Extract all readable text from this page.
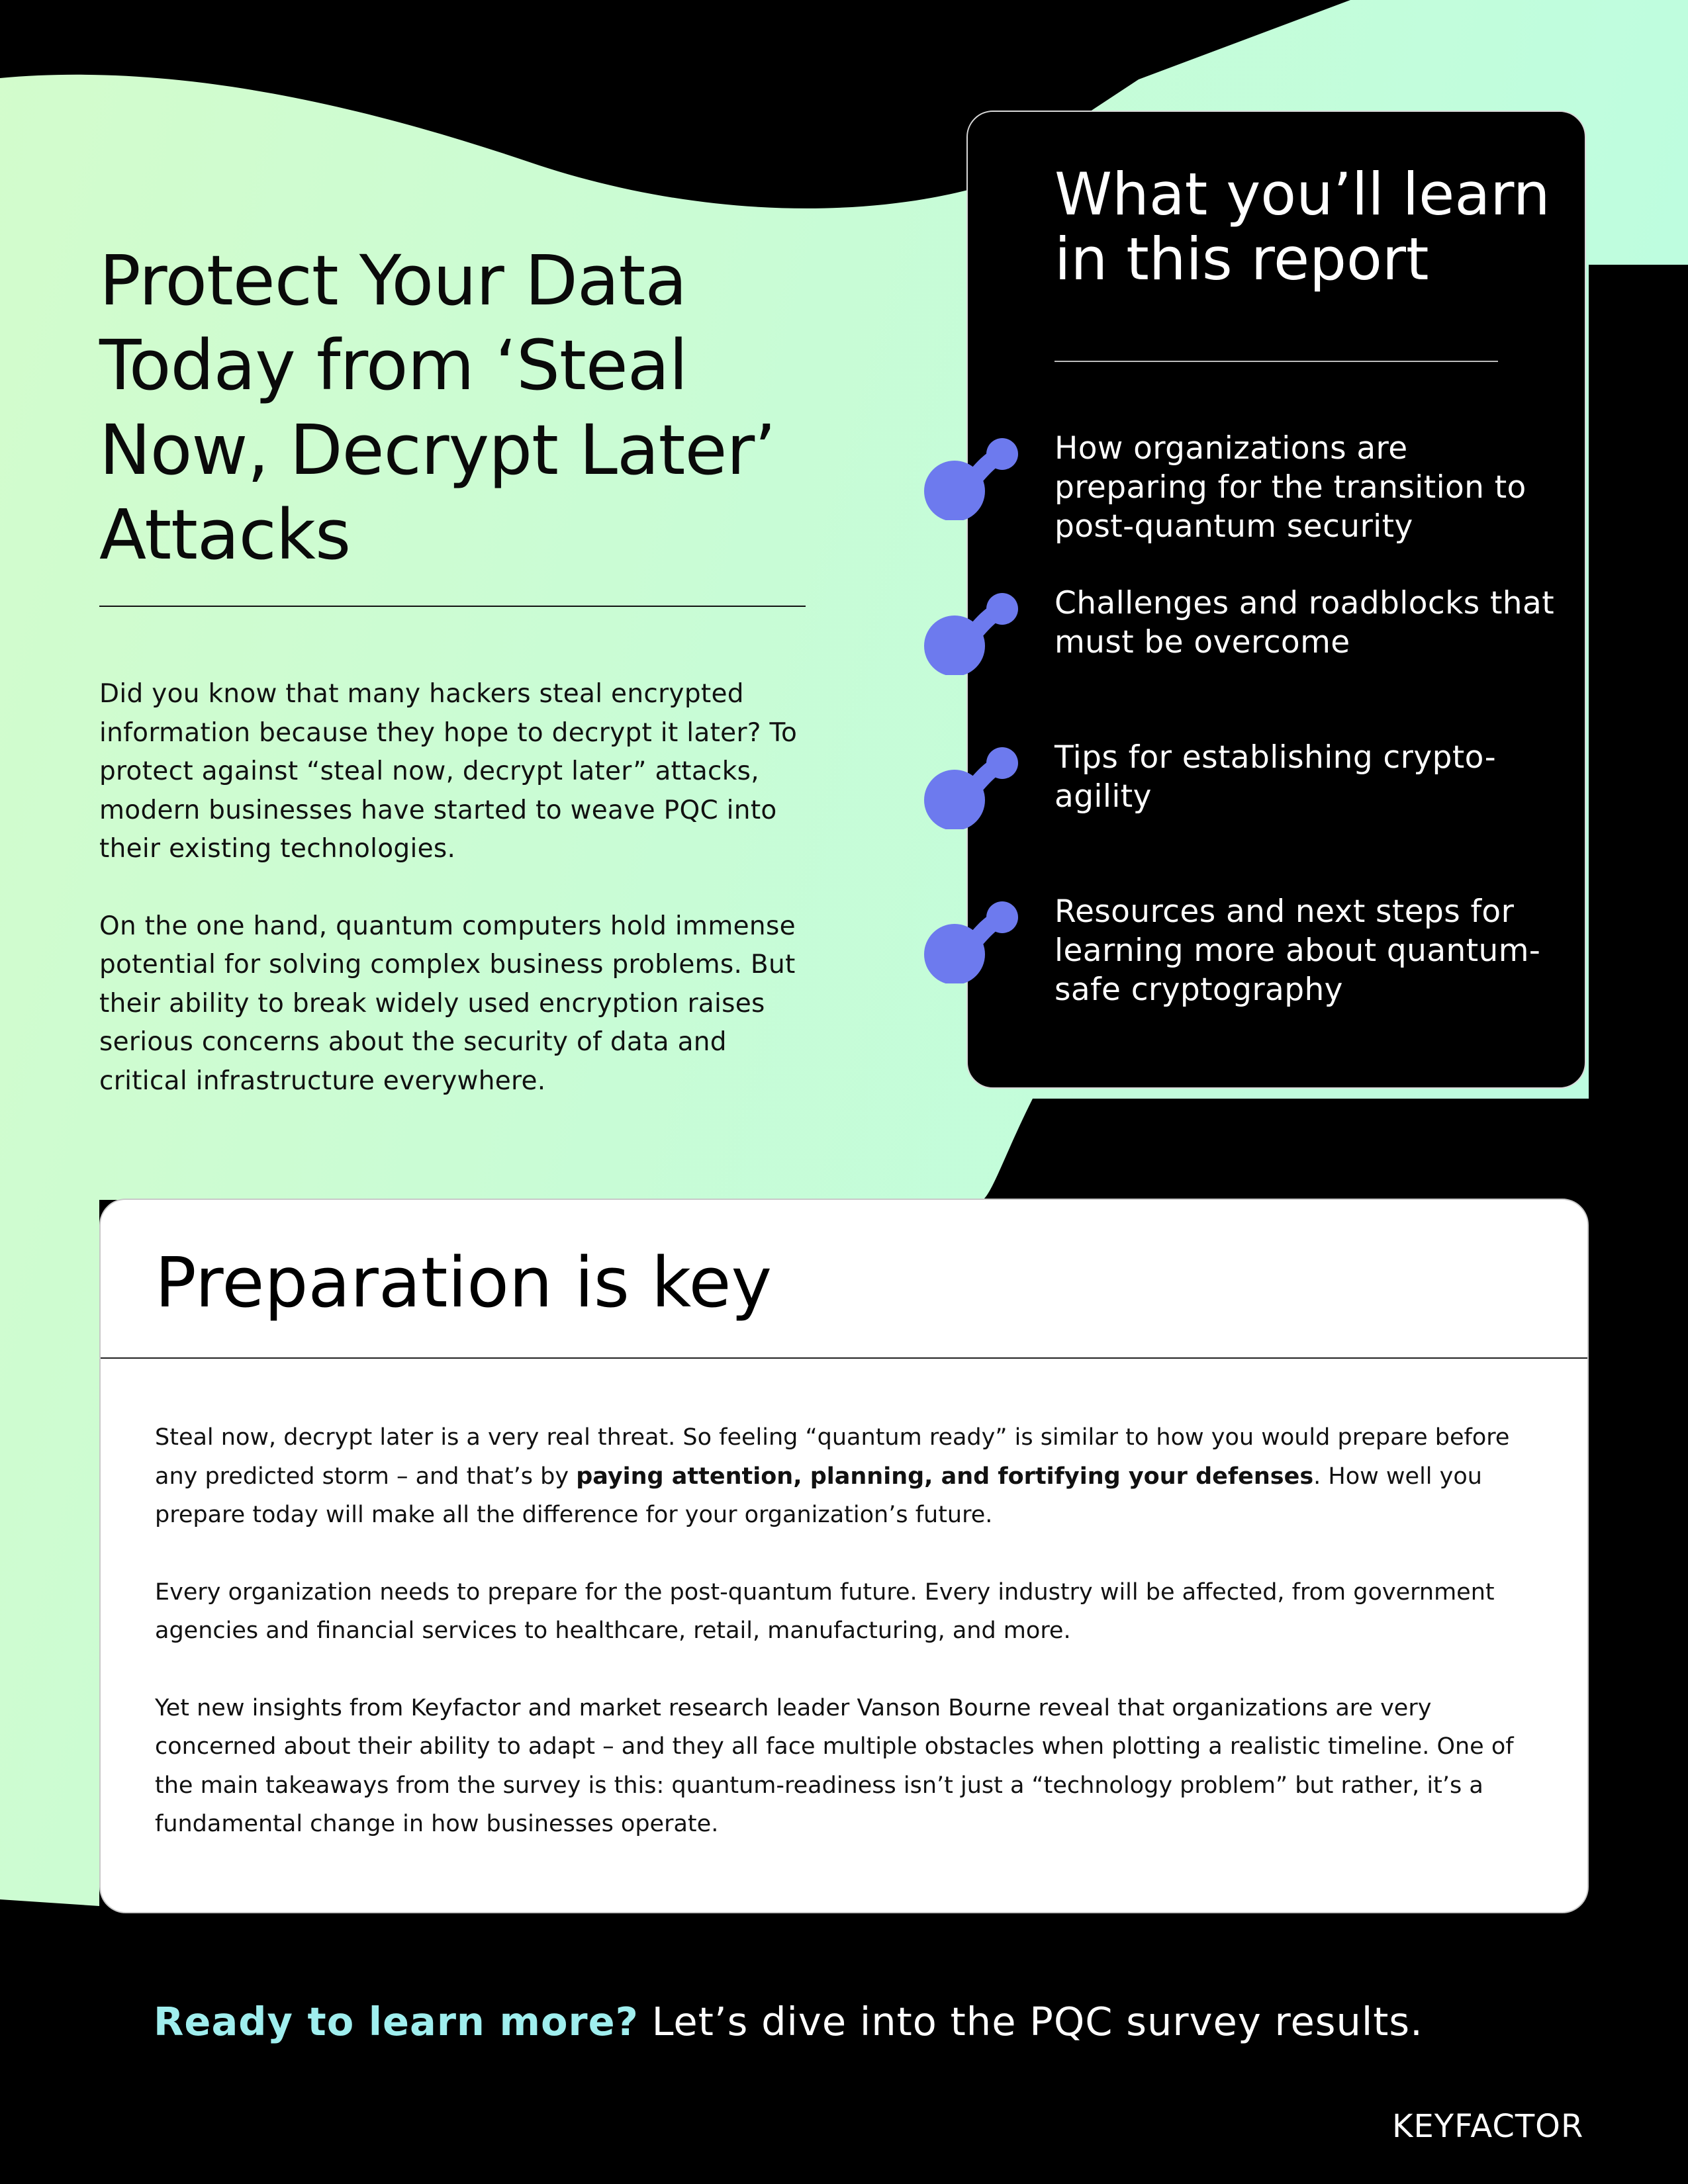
Protect Your Data
Today from ‘Steal
Now, Decrypt Later’
Attacks

Did you know that many hackers steal encrypted information because they hope to decrypt it later? To protect against “steal now, decrypt later” attacks, modern businesses have started to weave PQC into their existing technologies.

On the one hand, quantum computers hold immense potential for solving complex business problems. But their ability to break widely used encryption raises serious concerns about the security of data and critical infrastructure everywhere.

What you’ll learn
in this report
How organizations are preparing for the transition to post-quantum security
Challenges and roadblocks that must be overcome
Tips for establishing crypto-agility
Resources and next steps for learning more about quantum-safe cryptography
Preparation is key

Steal now, decrypt later is a very real threat. So feeling “quantum ready” is similar to how you would prepare before any predicted storm – and that’s by paying attention, planning, and fortifying your defenses. How well you prepare today will make all the difference for your organization’s future.

Every organization needs to prepare for the post-quantum future. Every industry will be affected, from government agencies and financial services to healthcare, retail, manufacturing, and more.

Yet new insights from Keyfactor and market research leader Vanson Bourne reveal that organizations are very concerned about their ability to adapt – and they all face multiple obstacles when plotting a realistic timeline. One of the main takeaways from the survey is this: quantum-readiness isn’t just a “technology problem” but rather, it’s a fundamental change in how businesses operate.

Ready to learn more? Let’s dive into the PQC survey results.
KEYFACTOR
